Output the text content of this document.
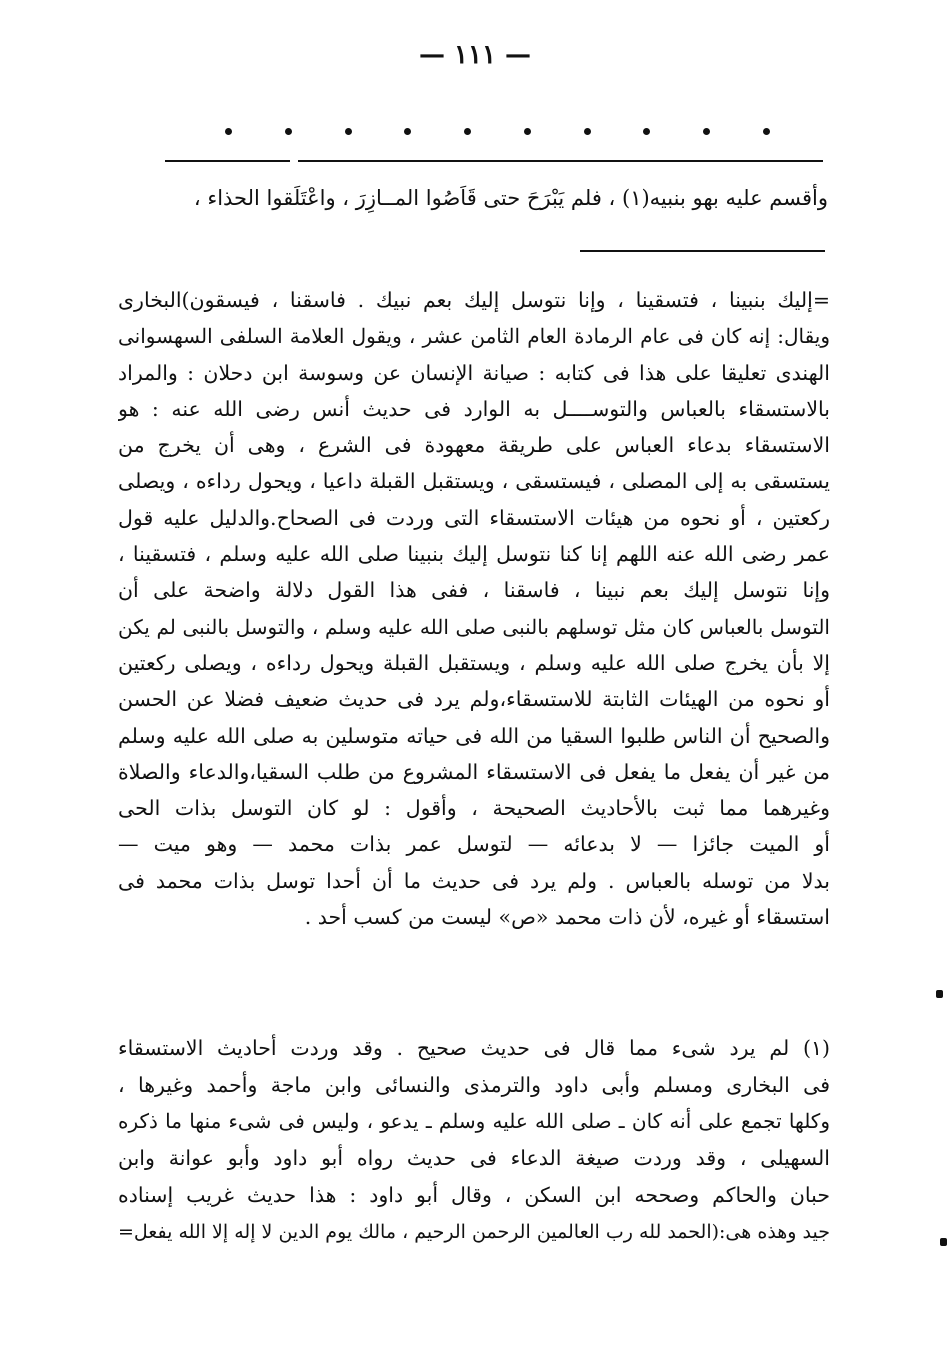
— ١١١ —
وأقسم عليه بهو بنبيه(١) ، فلم يَبْرَحَ حتى قَاَصُوا المــازِرَ ، واعْتَلَقوا الحذاء ،
=إليك بنبينا ، فتسقينا ، وإنا نتوسل إليك بعم نبيك . فاسقنا ، فيسقون)البخارى
ويقال: إنه كان فى عام الرمادة العام الثامن عشر ، ويقول العلامة السلفى السهسوانى
الهندى تعليقا على هذا فى كتابه : صيانة الإنسان عن وسوسة ابن دحلان : والمراد
بالاستسقاء بالعباس والتوســــل به الوارد فى حديث أنس رضى الله عنه : هو
الاستسقاء بدعاء العباس على طريقة معهودة فى الشرع ، وهى أن يخرج من
يستسقى به إلى المصلى ، فيستسقى ، ويستقبل القبلة داعيا ، ويحول رداءه ، ويصلى
ركعتين ، أو نحوه من هيئات الاستسقاء التى وردت فى الصحاح.والدليل عليه قول
عمر رضى الله عنه اللهم إنا كنا نتوسل إليك بنبينا صلى الله عليه وسلم ، فتسقينا ،
وإنا نتوسل إليك بعم نبينا ، فاسقنا ، ففى هذا القول دلالة واضحة على أن
التوسل بالعباس كان مثل توسلهم بالنبى صلى الله عليه وسلم ، والتوسل بالنبى لم يكن
إلا بأن يخرج صلى الله عليه وسلم ، ويستقبل القبلة ويحول رداءه ، ويصلى ركعتين
أو نحوه من الهيئات الثابتة للاستسقاء،ولم يرد فى حديث ضعيف فضلا عن الحسن
والصحيح أن الناس طلبوا السقيا من الله فى حياته متوسلين به صلى الله عليه وسلم
من غير أن يفعل ما يفعل فى الاستسقاء المشروع من طلب السقيا،والدعاء والصلاة
وغيرهما مما ثبت بالأحاديث الصحيحة ، وأقول : لو كان التوسل بذات الحى
أو الميت جائزا — لا بدعائه — لتوسل عمر بذات محمد — وهو ميت —
بدلا من توسله بالعباس . ولم يرد فى حديث ما أن أحدا توسل بذات محمد فى
استسقاء أو غيره، لأن ذات محمد «ص» ليست من كسب أحد .
(١) لم يرد شىء مما قال فى حديث صحيح . وقد وردت أحاديث الاستسقاء
فى البخارى ومسلم وأبى داود والترمذى والنسائى وابن ماجة وأحمد وغيرها ،
وكلها تجمع على أنه كان ـ صلى الله عليه وسلم ـ يدعو ، وليس فى شىء منها ما ذكره
السهيلى ، وقد وردت صيغة الدعاء فى حديث رواه أبو داود وأبو عوانة وابن
حبان والحاكم وصححه ابن السكن ، وقال أبو داود : هذا حديث غريب إسناده
جيد وهذه هى:(الحمد لله رب العالمين الرحمن الرحيم ، مالك يوم الدين لا إله إلا الله يفعل=
